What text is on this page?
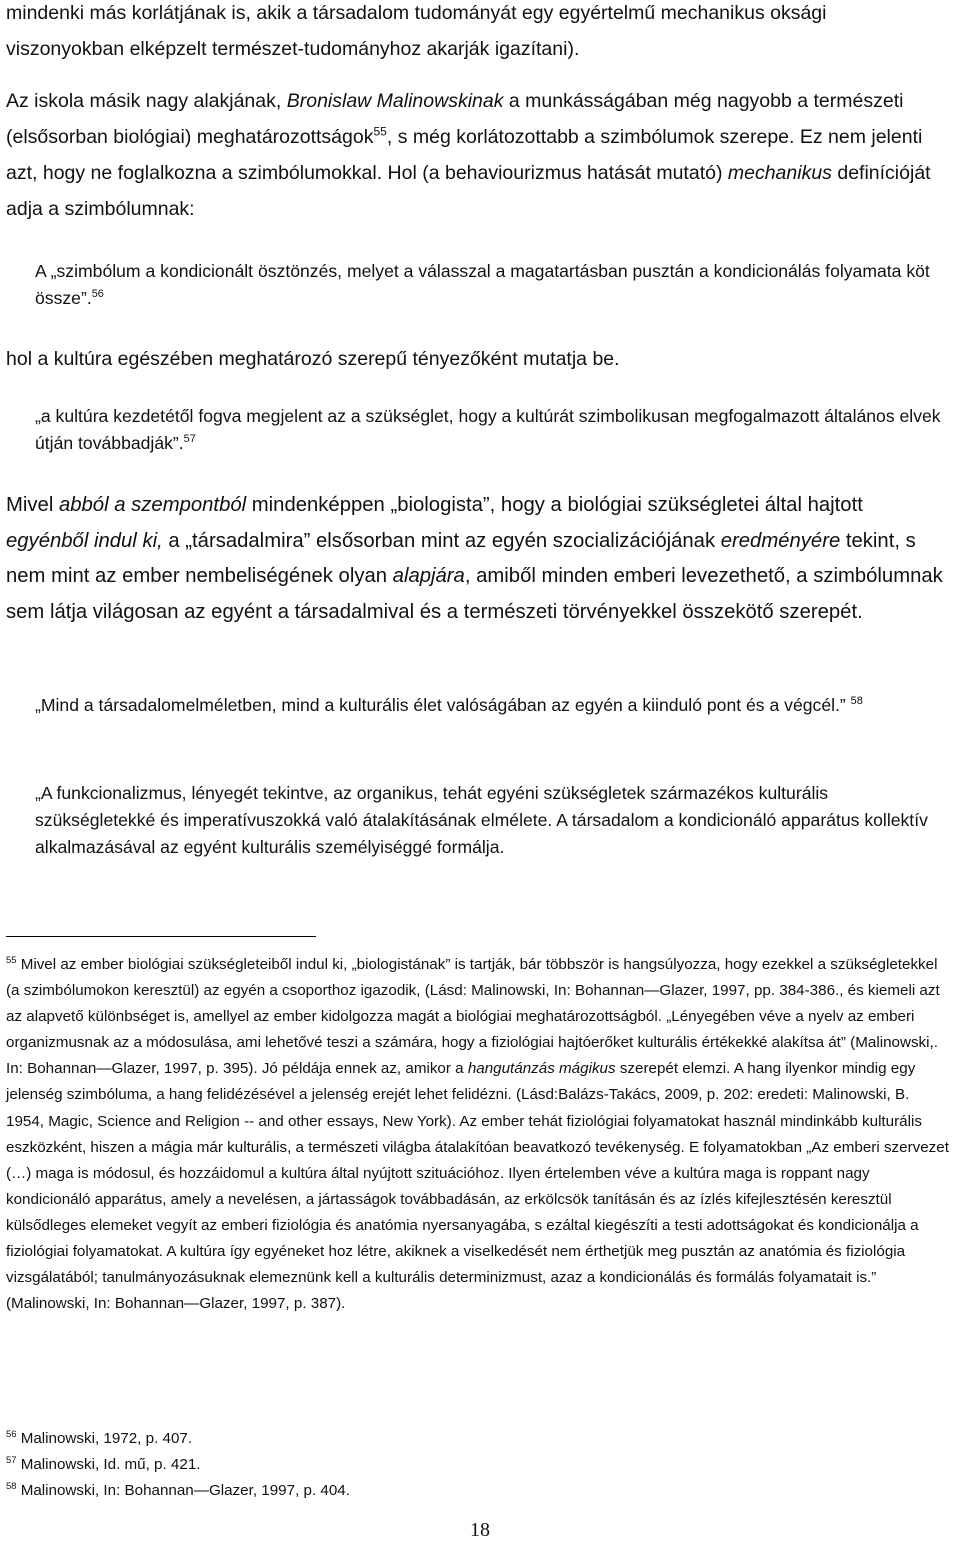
mindenki más korlátjának is, akik a társadalom tudományát egy egyértelmű mechanikus oksági viszonyokban elképzelt természet-tudományhoz akarják igazítani).

Az iskola másik nagy alakjának, Bronislaw Malinowskinak a munkásságában még nagyobb a természeti (elsősorban biológiai) meghatározottságok$^{55}$, s még korlátozottabb a szimbólumok szerepe. Ez nem jelenti azt, hogy ne foglalkozna a szimbólumokkal. Hol (a behaviourizmus hatását mutató) mechanikus definícióját adja a szimbólumnak:

A „szimbólum a kondicionált ösztönzés, melyet a válasszal a magatartásban pusztán a kondicionálás folyamata köt össze”.$^{56}$

hol a kultúra egészében meghatározó szerepű tényezőként mutatja be.

„a kultúra kezdetétől fogva megjelent az a szükséglet, hogy a kultúrát szimbolikusan megfogalmazott általános elvek útján továbbadják”.$^{57}$

Mivel abból a szempontból mindenképpen „biologista”, hogy a biológiai szükségletei által hajtott egyénből indul ki, a „társadalmira” elsősorban mint az egyén szocializációjának eredményére tekint, s nem mint az ember nembeliségének olyan alapjára, amiből minden emberi levezethető, a szimbólumnak sem látja világosan az egyént a társadalmival és a természeti törvényekkel összekötő szerepét.

„Mind a társadalomelméletben, mind a kulturális élet valóságában az egyén a kiinduló pont és a végcél.” $^{58}$

„A funkcionalizmus, lényegét tekintve, az organikus, tehát egyéni szükségletek származékos kulturális szükségletekké és imperatívuszokká való átalakításának elmélete. A társadalom a kondicionáló apparátus kollektív alkalmazásával az egyént kulturális személyiséggé formálja.

$^{55}$ Mivel az ember biológiai szükségleteiből indul ki, „biologistának” is tartják, bár többször is hangsúlyozza, hogy ezekkel a szükségletekkel (a szimbólumokon keresztül) az egyén a csoporthoz igazodik, (Lásd: Malinowski, In: Bohannan—Glazer, 1997, pp. 384-386., és kiemeli azt az alapvető különbséget is, amellyel az ember kidolgozza magát a biológiai meghatározottságból. „Lényegében véve a nyelv az emberi organizmusnak az a módosulása, ami lehetővé teszi a számára, hogy a fiziológiai hajtóerőket kulturális értékekké alakítsa át” (Malinowski,. In: Bohannan—Glazer, 1997, p. 395). Jó példája ennek az, amikor a hangutánzás mágikus szerepét elemzi. A hang ilyenkor mindig egy jelenség szimbóluma, a hang felidézésével a jelenség erejét lehet felidézni. (Lásd:Balázs-Takács, 2009, p. 202: eredeti: Malinowski, B. 1954, Magic, Science and Religion -- and other essays, New York). Az ember tehát fiziológiai folyamatokat használ mindinkább kulturális eszközként, hiszen a mágia már kulturális, a természeti világba átalakítóan beavatkozó tevékenység. E folyamatokban „Az emberi szervezet (…) maga is módosul, és hozzáidomul a kultúra által nyújtott szituációhoz. Ilyen értelemben véve a kultúra maga is roppant nagy kondicionáló apparátus, amely a nevelésen, a jártasságok továbbadásán, az erkölcsök tanításán és az ízlés kifejlesztésén keresztül külsődleges elemeket vegyít az emberi fiziológia és anatómia nyersanyagába, s ezáltal kiegészíti a testi adottságokat és kondicionálja a fiziológiai folyamatokat. A kultúra így egyéneket hoz létre, akiknek a viselkedését nem érthetjük meg pusztán az anatómia és fiziológia vizsgálatából; tanulmányozásuknak elemeznünk kell a kulturális determinizmust, azaz a kondicionálás és formálás folyamatait is.” (Malinowski, In: Bohannan—Glazer, 1997, p. 387).

$^{56}$ Malinowski, 1972, p. 407.

$^{57}$ Malinowski, Id. mű, p. 421.

$^{58}$ Malinowski, In: Bohannan—Glazer, 1997, p. 404.

18
